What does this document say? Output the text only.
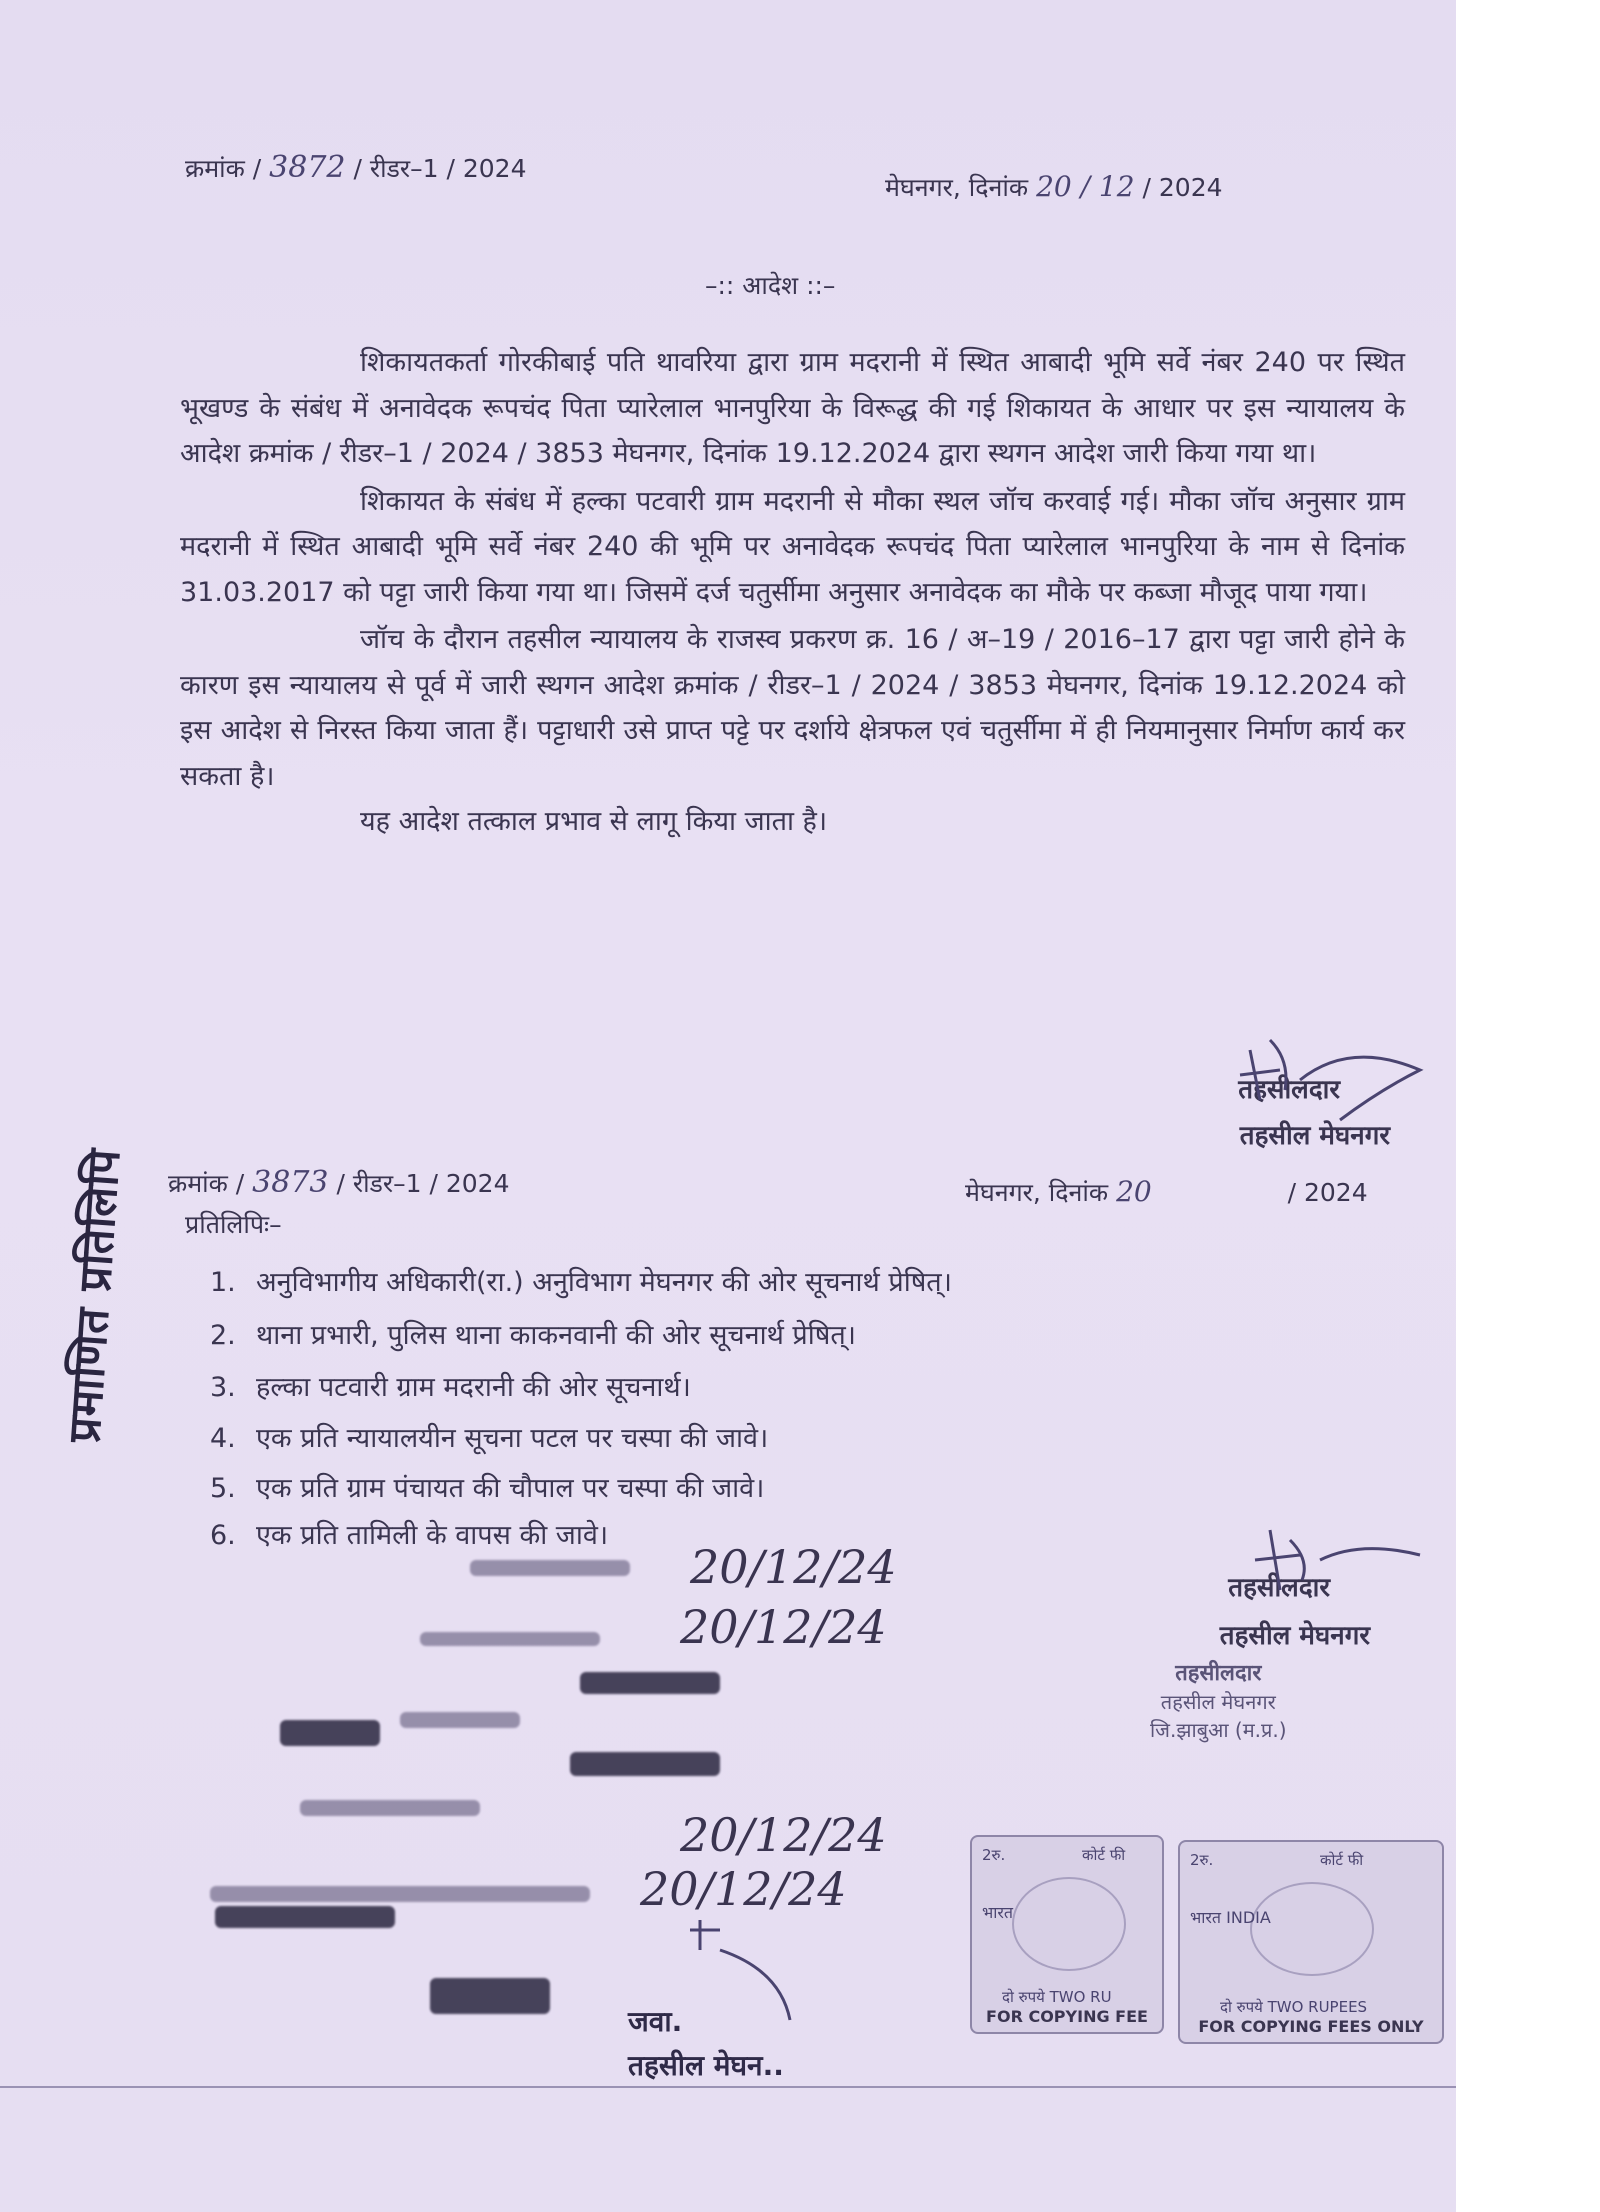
क्रमांक / 3872 / रीडर–1 / 2024
मेघनगर, दिनांक 20 / 12 / 2024
–:: आदेश ::–

शिकायतकर्ता गोरकीबाई पति थावरिया द्वारा ग्राम मदरानी में स्थित आबादी भूमि सर्वे नंबर 240 पर स्थित भूखण्ड के संबंध में अनावेदक रूपचंद पिता प्यारेलाल भानपुरिया के विरूद्ध की गई शिकायत के आधार पर इस न्यायालय के आदेश क्रमांक / रीडर–1 / 2024 / 3853 मेघनगर, दिनांक 19.12.2024 द्वारा स्थगन आदेश जारी किया गया था।

शिकायत के संबंध में हल्का पटवारी ग्राम मदरानी से मौका स्थल जॉच करवाई गई। मौका जॉच अनुसार ग्राम मदरानी में स्थित आबादी भूमि सर्वे नंबर 240 की भूमि पर अनावेदक रूपचंद पिता प्यारेलाल भानपुरिया के नाम से दिनांक 31.03.2017 को पट्टा जारी किया गया था। जिसमें दर्ज चतुर्सीमा अनुसार अनावेदक का मौके पर कब्जा मौजूद पाया गया।

जॉच के दौरान तहसील न्यायालय के राजस्व प्रकरण क्र. 16 / अ–19 / 2016–17 द्वारा पट्टा जारी होने के कारण इस न्यायालय से पूर्व में जारी स्थगन आदेश क्रमांक / रीडर–1 / 2024 / 3853 मेघनगर, दिनांक 19.12.2024 को इस आदेश से निरस्त किया जाता हैं। पट्टाधारी उसे प्राप्त पट्टे पर दर्शाये क्षेत्रफल एवं चतुर्सीमा में ही नियमानुसार निर्माण कार्य कर सकता है।

यह आदेश तत्काल प्रभाव से लागू किया जाता है।

तहसीलदार
तहसील मेघनगर
क्रमांक / 3873 / रीडर–1 / 2024	मेघनगर, दिनांक 20	/ 2024
प्रतिलिपिः–
1. अनुविभागीय अधिकारी(रा.) अनुविभाग मेघनगर की ओर सूचनार्थ प्रेषित्।
2. थाना प्रभारी, पुलिस थाना काकनवानी की ओर सूचनार्थ प्रेषित्।
3. हल्का पटवारी ग्राम मदरानी की ओर सूचनार्थ।
4. एक प्रति न्यायालयीन सूचना पटल पर चस्पा की जावे।
5. एक प्रति ग्राम पंचायत की चौपाल पर चस्पा की जावे।
6. एक प्रति तामिली के वापस की जावे।
प्रमाणित प्रतिलिपि
तहसीलदार
तहसील मेघनगर
तहसीलदार
तहसील मेघनगर
जि.झाबुआ (म.प्र.)
20/12/24
20/12/24
20/12/24
20/12/24
जवा.
तहसील मेघन..
2रु.	कोर्ट फी
भारत
दो रुपये TWO RU
FOR COPYING FEE
2रु.	कोर्ट फी
भारत INDIA
दो रुपये TWO RUPEES
FOR COPYING FEES ONLY
